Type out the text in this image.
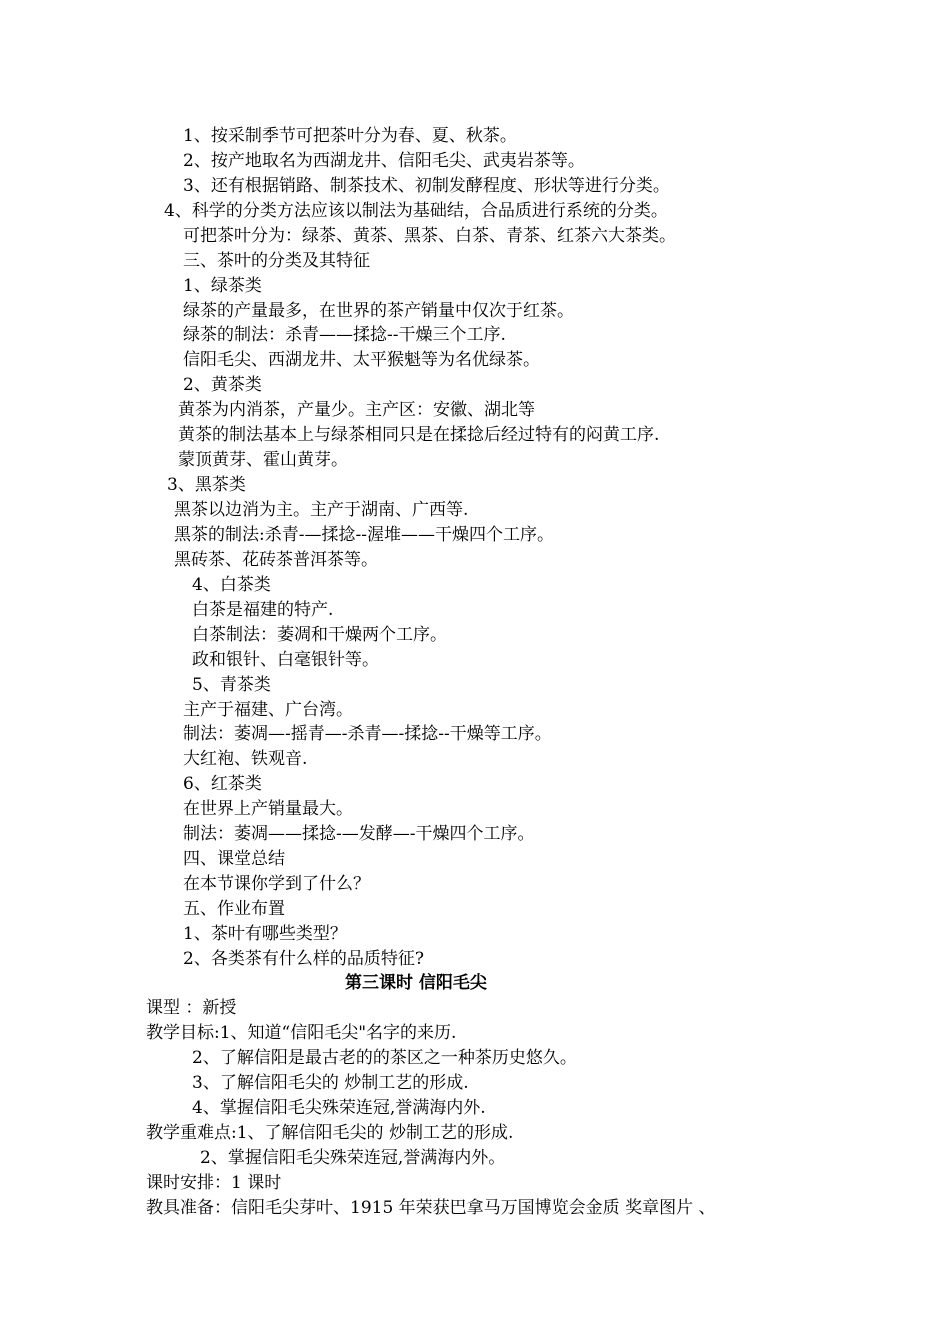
1、按采制季节可把茶叶分为春、夏、秋茶。
2、按产地取名为西湖龙井、信阳毛尖、武夷岩茶等。
3、还有根据销路、制茶技术、初制发酵程度、形状等进行分类。
4、科学的分类方法应该以制法为基础结，合品质进行系统的分类。
可把茶叶分为：绿茶、黄茶、黑茶、白茶、青茶、红茶六大茶类。
三、茶叶的分类及其特征
1、绿茶类
绿茶的产量最多，在世界的茶产销量中仅次于红茶。
绿茶的制法：杀青——揉捻--干燥三个工序.
信阳毛尖、西湖龙井、太平猴魁等为名优绿茶。
2、黄茶类
黄茶为内消茶，产量少。主产区：安徽、湖北等
黄茶的制法基本上与绿茶相同只是在揉捻后经过特有的闷黄工序.
蒙顶黄芽、霍山黄芽。
3、黑茶类
黑茶以边消为主。主产于湖南、广西等.
黑茶的制法:杀青-—揉捻--渥堆——干燥四个工序。
黑砖茶、花砖茶普洱茶等。
4、白茶类
白茶是福建的特产.
白茶制法：萎凋和干燥两个工序。
政和银针、白毫银针等。
5、青茶类
主产于福建、广台湾。
制法：萎凋—-摇青—-杀青—-揉捻--干燥等工序。
大红袍、铁观音.
6、红茶类
在世界上产销量最大。
制法：萎凋——揉捻-—发酵—-干燥四个工序。
四、课堂总结
在本节课你学到了什么？
五、作业布置
1、茶叶有哪些类型？
2、各类茶有什么样的品质特征?
第三课时 信阳毛尖
课型 ：新授
教学目标:1、知道“信阳毛尖"名字的来历.
2、了解信阳是最古老的的茶区之一种茶历史悠久。
3、了解信阳毛尖的 炒制工艺的形成.
4、掌握信阳毛尖殊荣连冠,誉满海内外.
教学重难点:1、了解信阳毛尖的 炒制工艺的形成.
2、掌握信阳毛尖殊荣连冠,誉满海内外。
课时安排：1 课时
教具准备：信阳毛尖芽叶、1915 年荣获巴拿马万国博览会金质 奖章图片 、
